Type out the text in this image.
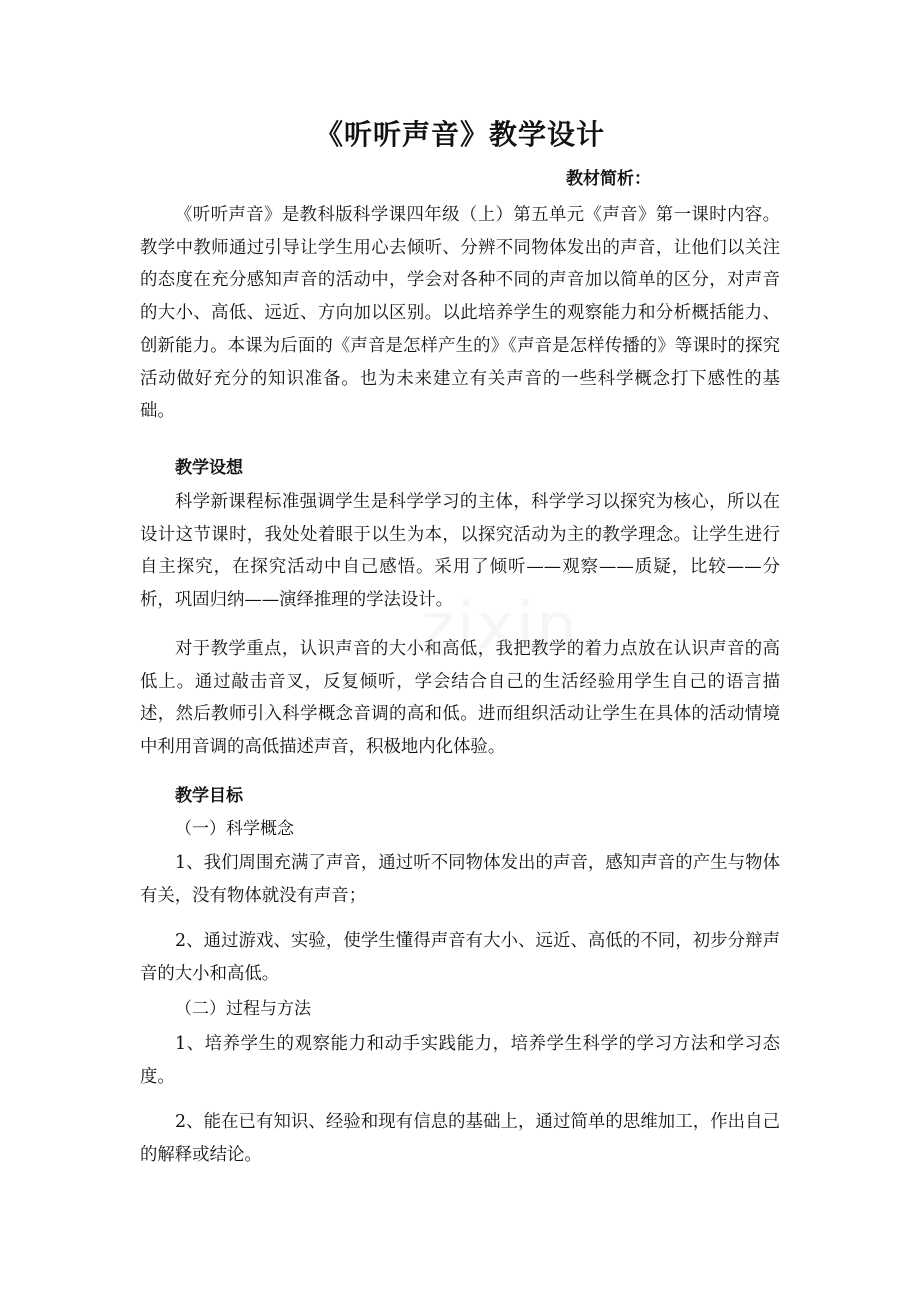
《听听声音》教学设计

教材简析：

《听听声音》是教科版科学课四年级（上）第五单元《声音》第一课时内容。教学中教师通过引导让学生用心去倾听、分辨不同物体发出的声音，让他们以关注的态度在充分感知声音的活动中，学会对各种不同的声音加以简单的区分，对声音的大小、高低、远近、方向加以区别。以此培养学生的观察能力和分析概括能力、创新能力。本课为后面的《声音是怎样产生的》《声音是怎样传播的》等课时的探究活动做好充分的知识准备。也为未来建立有关声音的一些科学概念打下感性的基础。

教学设想

科学新课程标准强调学生是科学学习的主体，科学学习以探究为核心，所以在设计这节课时，我处处着眼于以生为本，以探究活动为主的教学理念。让学生进行自主探究，在探究活动中自己感悟。采用了倾听——观察——质疑，比较——分析，巩固归纳——演绎推理的学法设计。

对于教学重点，认识声音的大小和高低，我把教学的着力点放在认识声音的高低上。通过敲击音叉，反复倾听，学会结合自己的生活经验用学生自己的语言描述，然后教师引入科学概念音调的高和低。进而组织活动让学生在具体的活动情境中利用音调的高低描述声音，积极地内化体验。

教学目标

（一）科学概念

1、我们周围充满了声音，通过听不同物体发出的声音，感知声音的产生与物体有关，没有物体就没有声音；

2、通过游戏、实验，使学生懂得声音有大小、远近、高低的不同，初步分辩声音的大小和高低。

（二）过程与方法

1、培养学生的观察能力和动手实践能力，培养学生科学的学习方法和学习态度。

2、能在已有知识、经验和现有信息的基础上，通过简单的思维加工，作出自己的解释或结论。

zixin
